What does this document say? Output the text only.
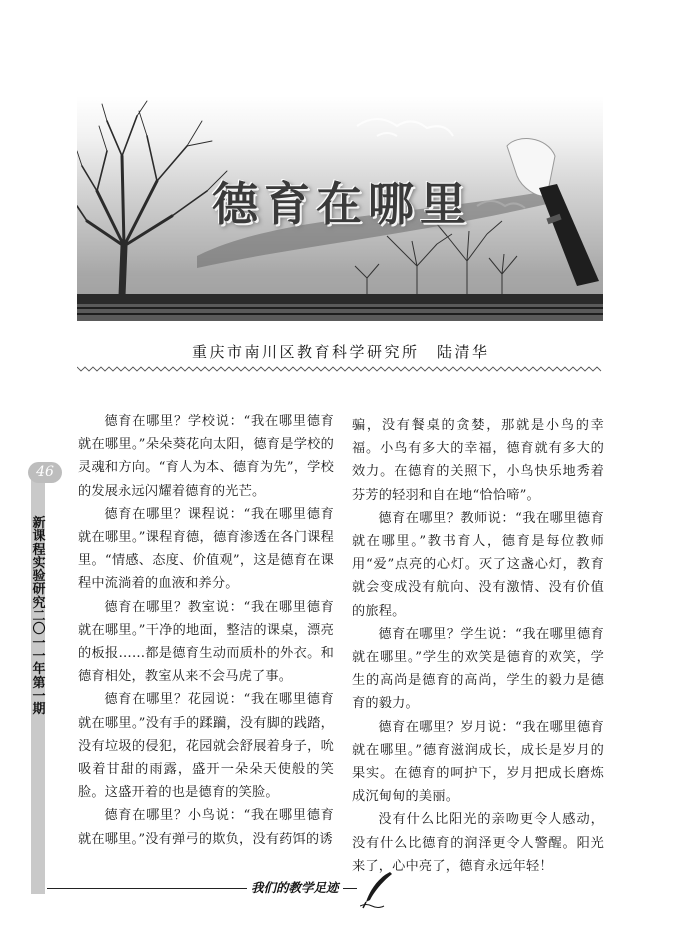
德育在哪里
重庆市南川区教育科学研究所　陆清华
46
新课程实验研究　二〇一一年第一期

德育在哪里？学校说：“我在哪里德育就在哪里。”朵朵葵花向太阳，德育是学校的灵魂和方向。“育人为本、德育为先”，学校的发展永远闪耀着德育的光芒。

德育在哪里？课程说：“我在哪里德育就在哪里。”课程育德，德育渗透在各门课程里。“情感、态度、价值观”，这是德育在课程中流淌着的血液和养分。

德育在哪里？教室说：“我在哪里德育就在哪里。”干净的地面，整洁的课桌，漂亮的板报……都是德育生动而质朴的外衣。和德育相处，教室从来不会马虎了事。

德育在哪里？花园说：“我在哪里德育就在哪里。”没有手的蹂躏，没有脚的践踏，没有垃圾的侵犯，花园就会舒展着身子，吮吸着甘甜的雨露，盛开一朵朵天使般的笑脸。这盛开着的也是德育的笑脸。

德育在哪里？小鸟说：“我在哪里德育就在哪里。”没有弹弓的欺负，没有药饵的诱

骗，没有餐桌的贪婪，那就是小鸟的幸福。小鸟有多大的幸福，德育就有多大的效力。在德育的关照下，小鸟快乐地秀着芬芳的轻羽和自在地“恰恰啼”。

德育在哪里？教师说：“我在哪里德育就在哪里。”教书育人，德育是每位教师用“爱”点亮的心灯。灭了这盏心灯，教育就会变成没有航向、没有激情、没有价值的旅程。

德育在哪里？学生说：“我在哪里德育就在哪里。”学生的欢笑是德育的欢笑，学生的高尚是德育的高尚，学生的毅力是德育的毅力。

德育在哪里？岁月说：“我在哪里德育就在哪里。”德育滋润成长，成长是岁月的果实。在德育的呵护下，岁月把成长磨炼成沉甸甸的美丽。

没有什么比阳光的亲吻更令人感动，没有什么比德育的润泽更令人警醒。阳光来了，心中亮了，德育永远年轻！

我们的教学足迹
